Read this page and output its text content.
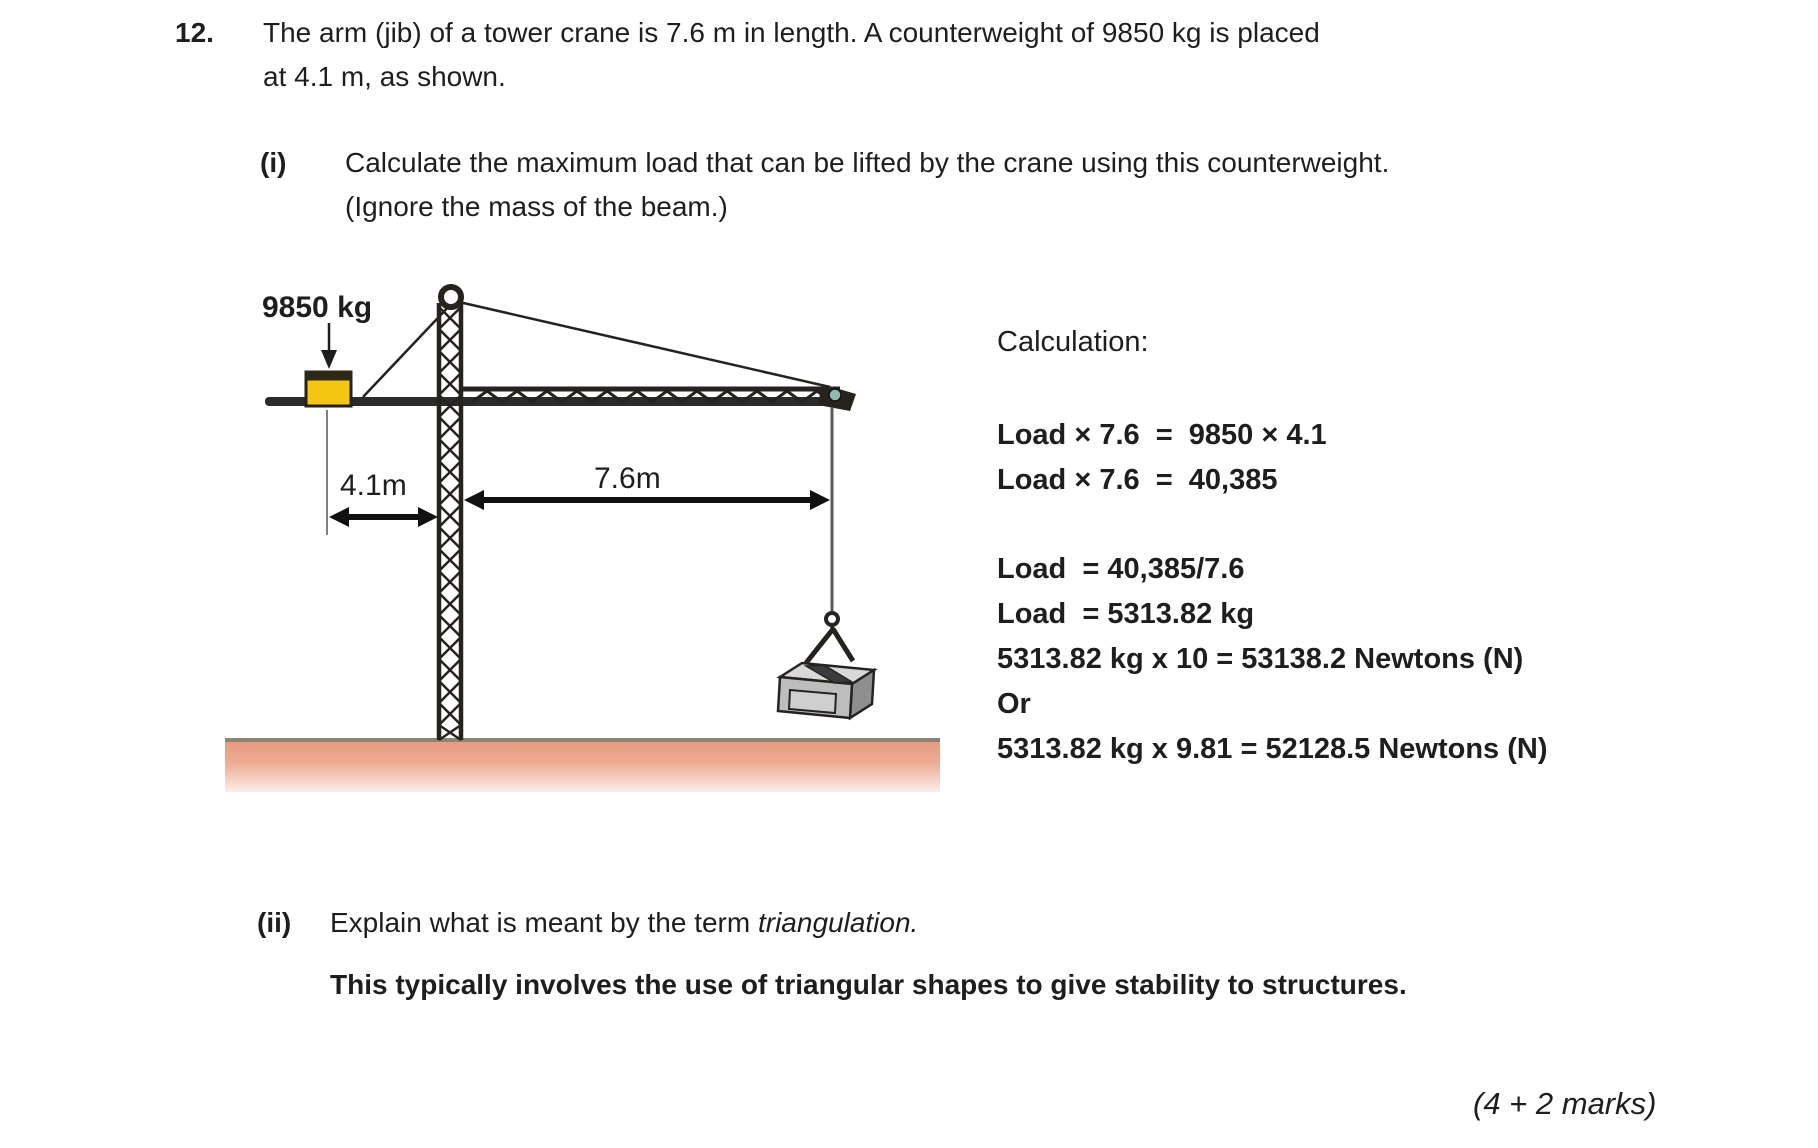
12. The arm (jib) of a tower crane is 7.6 m in length. A counterweight of 9850 kg is placed
at 4.1 m, as shown.
(i) Calculate the maximum load that can be lifted by the crane using this counterweight.
(Ignore the mass of the beam.)
9850 kg
4.1m	7.6m
Calculation:
Load × 7.6  =  9850 × 4.1
Load × 7.6  =  40,385
Load  = 40,385/7.6
Load  = 5313.82 kg
5313.82 kg x 10 = 53138.2 Newtons (N)
Or
5313.82 kg x 9.81 = 52128.5 Newtons (N)
(ii) Explain what is meant by the term triangulation.
This typically involves the use of triangular shapes to give stability to structures.
(4 + 2 marks)
